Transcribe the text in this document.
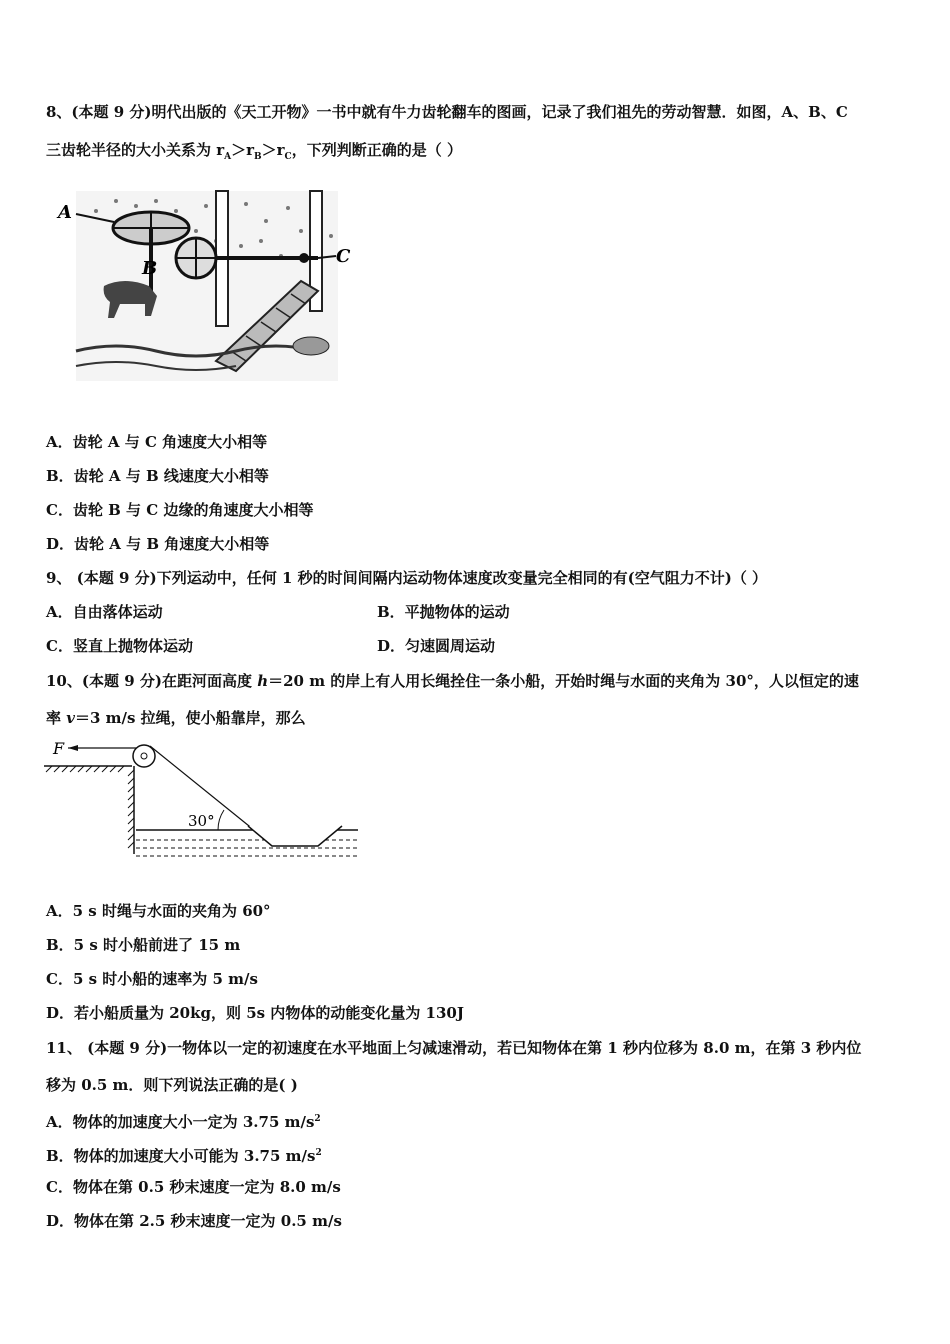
8、(本题 9 分)明代出版的《天工开物》一书中就有牛力齿轮翻车的图画，记录了我们祖先的劳动智慧．如图，A、B、C
三齿轮半径的大小关系为 $r_A>r_B>r_C$，下列判断正确的是（ ）
A
B
C
A．齿轮 A 与 C 角速度大小相等
B．齿轮 A 与 B 线速度大小相等
C．齿轮 B 与 C 边缘的角速度大小相等
D．齿轮 A 与 B 角速度大小相等
9、 (本题 9 分)下列运动中，任何 1 秒的时间间隔内运动物体速度改变量完全相同的有(空气阻力不计)（ ）
A．自由落体运动	B．平抛物体的运动
C．竖直上抛物体运动	D．匀速圆周运动
10、(本题 9 分)在距河面高度 h＝20 m 的岸上有人用长绳拴住一条小船，开始时绳与水面的夹角为 30°，人以恒定的速
率 v＝3 m/s 拉绳，使小船靠岸，那么
F
30°
A．5 s 时绳与水面的夹角为 60°
B．5 s 时小船前进了 15 m
C．5 s 时小船的速率为 5 m/s
D．若小船质量为 20kg，则 5s 内物体的动能变化量为 130J
11、 (本题 9 分)一物体以一定的初速度在水平地面上匀减速滑动，若已知物体在第 1 秒内位移为 8.0 m，在第 3 秒内位
移为 0.5 m．则下列说法正确的是( )
A．物体的加速度大小一定为 3.75 $m/s^2$
B．物体的加速度大小可能为 3.75 $m/s^2$
C．物体在第 0.5 秒末速度一定为 8.0 m/s
D．物体在第 2.5 秒末速度一定为 0.5 m/s
